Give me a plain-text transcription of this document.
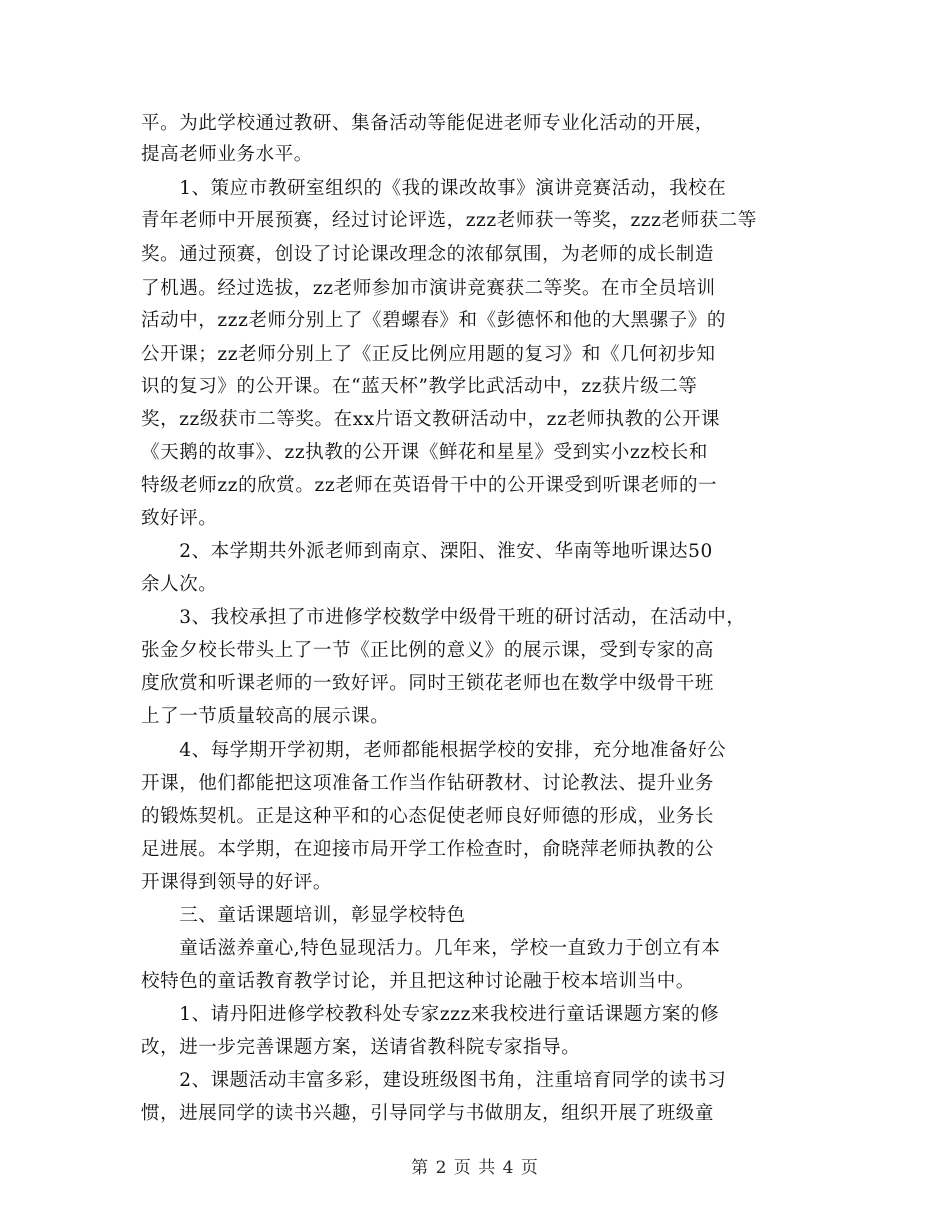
平。为此学校通过教研、集备活动等能促进老师专业化活动的开展，
提高老师业务水平。
　　1、策应市教研室组织的《我的课改故事》演讲竞赛活动，我校在
青年老师中开展预赛，经过讨论评选，zzz老师获一等奖，zzz老师获二等
奖。通过预赛，创设了讨论课改理念的浓郁氛围，为老师的成长制造
了机遇。经过选拔，zz老师参加市演讲竞赛获二等奖。在市全员培训
活动中，zzz老师分别上了《碧螺春》和《彭德怀和他的大黑骡子》的
公开课；zz老师分别上了《正反比例应用题的复习》和《几何初步知
识的复习》的公开课。在“蓝天杯”教学比武活动中，zz获片级二等
奖，zz级获市二等奖。在xx片语文教研活动中，zz老师执教的公开课
《天鹅的故事》、zz执教的公开课《鲜花和星星》受到实小zz校长和
特级老师zz的欣赏。zz老师在英语骨干中的公开课受到听课老师的一
致好评。
　　2、本学期共外派老师到南京、溧阳、淮安、华南等地听课达50
余人次。
　　3、我校承担了市进修学校数学中级骨干班的研讨活动，在活动中，
张金夕校长带头上了一节《正比例的意义》的展示课，受到专家的高
度欣赏和听课老师的一致好评。同时王锁花老师也在数学中级骨干班
上了一节质量较高的展示课。
　　4、每学期开学初期，老师都能根据学校的安排，充分地准备好公
开课，他们都能把这项准备工作当作钻研教材、讨论教法、提升业务
的锻炼契机。正是这种平和的心态促使老师良好师德的形成，业务长
足进展。本学期，在迎接市局开学工作检查时，俞晓萍老师执教的公
开课得到领导的好评。
　　三、童话课题培训，彰显学校特色
　　童话滋养童心,特色显现活力。几年来，学校一直致力于创立有本
校特色的童话教育教学讨论，并且把这种讨论融于校本培训当中。
　　1、请丹阳进修学校教科处专家zzz来我校进行童话课题方案的修
改，进一步完善课题方案，送请省教科院专家指导。
　　2、课题活动丰富多彩，建设班级图书角，注重培育同学的读书习
惯，进展同学的读书兴趣，引导同学与书做朋友，组织开展了班级童
第 2 页 共 4 页
